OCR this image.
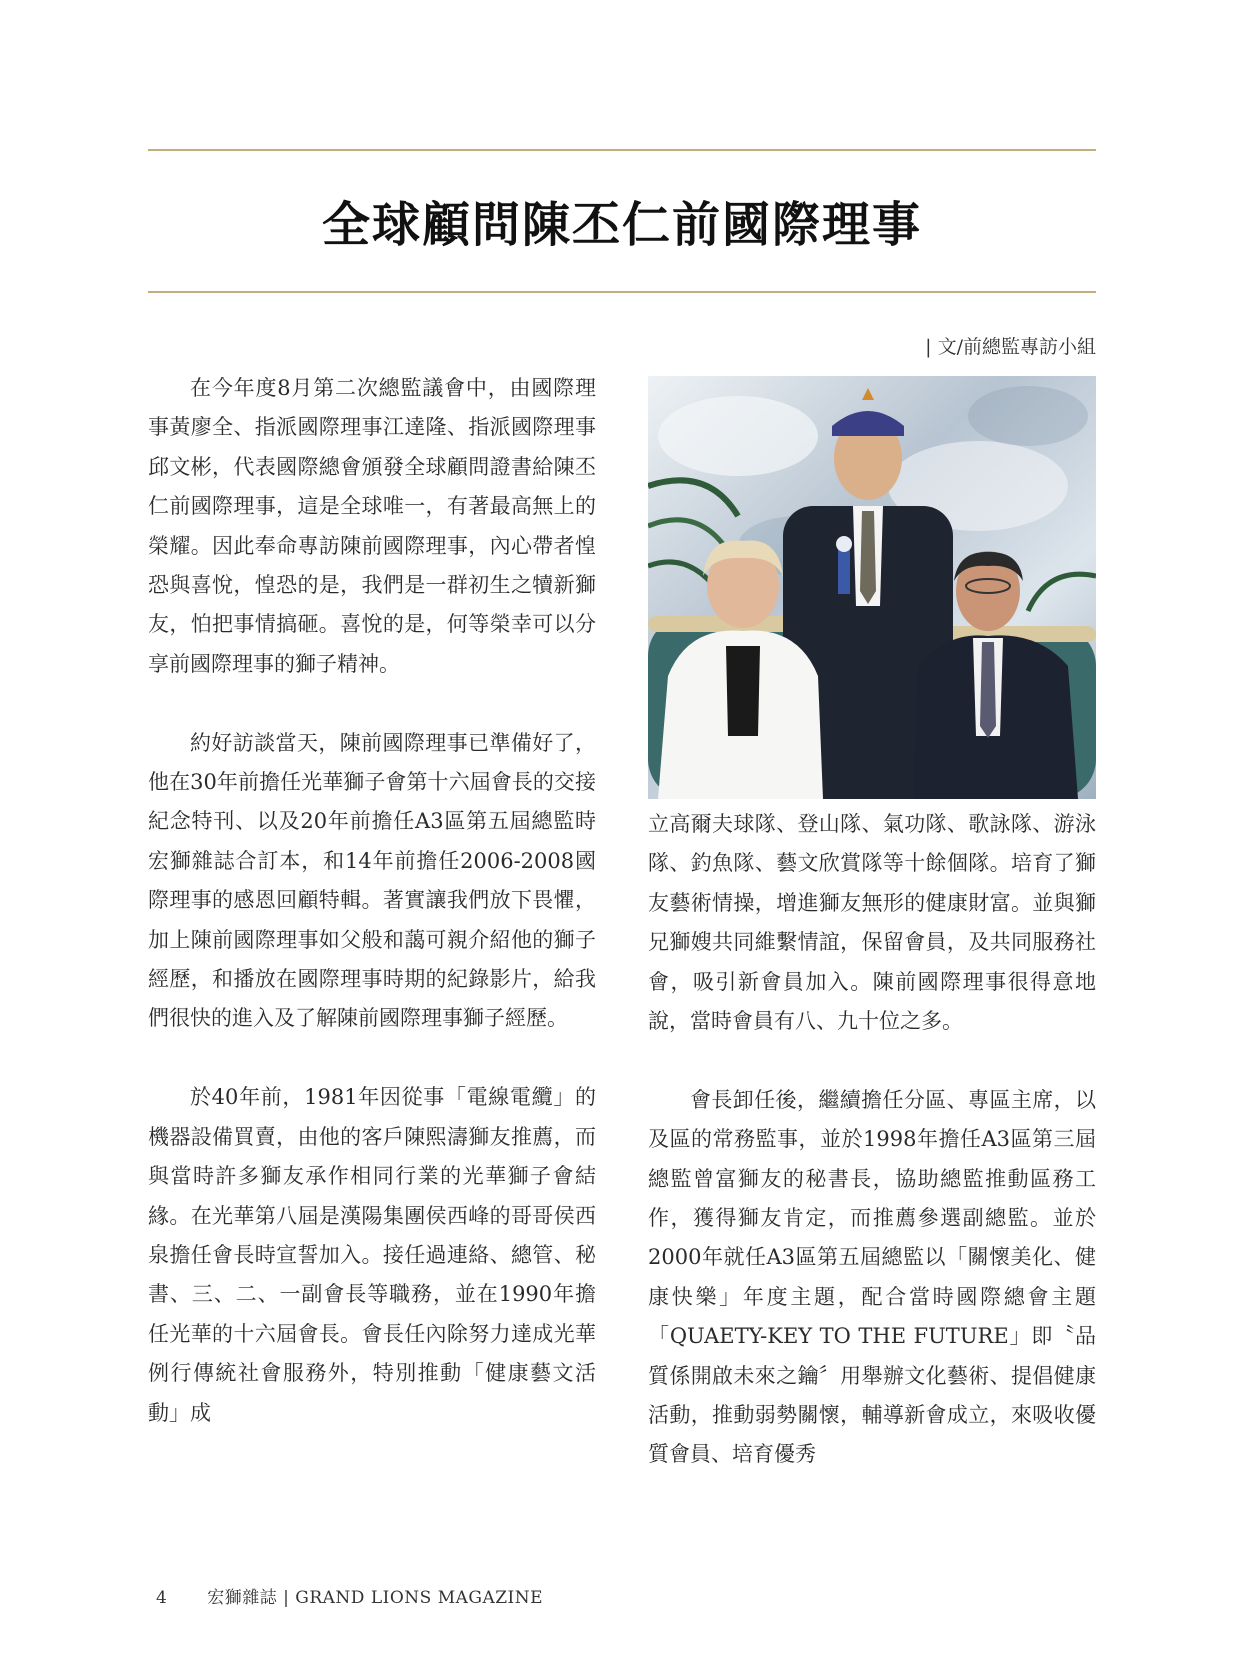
全球顧問陳丕仁前國際理事
| 文/前總監專訪小組

在今年度8月第二次總監議會中，由國際理事黃廖全、指派國際理事江達隆、指派國際理事邱文彬，代表國際總會頒發全球顧問證書給陳丕仁前國際理事，這是全球唯一，有著最高無上的榮耀。因此奉命專訪陳前國際理事，內心帶者惶恐與喜悅，惶恐的是，我們是一群初生之犢新獅友，怕把事情搞砸。喜悅的是，何等榮幸可以分享前國際理事的獅子精神。

約好訪談當天，陳前國際理事已準備好了，他在30年前擔任光華獅子會第十六屆會長的交接紀念特刊、以及20年前擔任A3區第五屆總監時宏獅雜誌合訂本，和14年前擔任2006-2008國際理事的感恩回顧特輯。著實讓我們放下畏懼，加上陳前國際理事如父般和藹可親介紹他的獅子經歷，和播放在國際理事時期的紀錄影片，給我們很快的進入及了解陳前國際理事獅子經歷。

於40年前，1981年因從事「電線電纜」的機器設備買賣，由他的客戶陳熙濤獅友推薦，而與當時許多獅友承作相同行業的光華獅子會結緣。在光華第八屆是漢陽集團侯西峰的哥哥侯西泉擔任會長時宣誓加入。接任過連絡、總管、秘書、三、二、一副會長等職務，並在1990年擔任光華的十六屆會長。會長任內除努力達成光華例行傳統社會服務外，特別推動「健康藝文活動」成

立高爾夫球隊、登山隊、氣功隊、歌詠隊、游泳隊、釣魚隊、藝文欣賞隊等十餘個隊。培育了獅友藝術情操，增進獅友無形的健康財富。並與獅兄獅嫂共同維繫情誼，保留會員，及共同服務社會，吸引新會員加入。陳前國際理事很得意地說，當時會員有八、九十位之多。

會長卸任後，繼續擔任分區、專區主席，以及區的常務監事，並於1998年擔任A3區第三屆總監曾富獅友的秘書長，協助總監推動區務工作，獲得獅友肯定，而推薦參選副總監。並於2000年就任A3區第五屆總監以「關懷美化、健康快樂」年度主題，配合當時國際總會主題「QUAETY-KEY TO THE FUTURE」即〝品質係開啟未來之鑰〞用舉辦文化藝術、提倡健康活動，推動弱勢關懷，輔導新會成立，來吸收優質會員、培育優秀

4 宏獅雜誌 | GRAND LIONS MAGAZINE
